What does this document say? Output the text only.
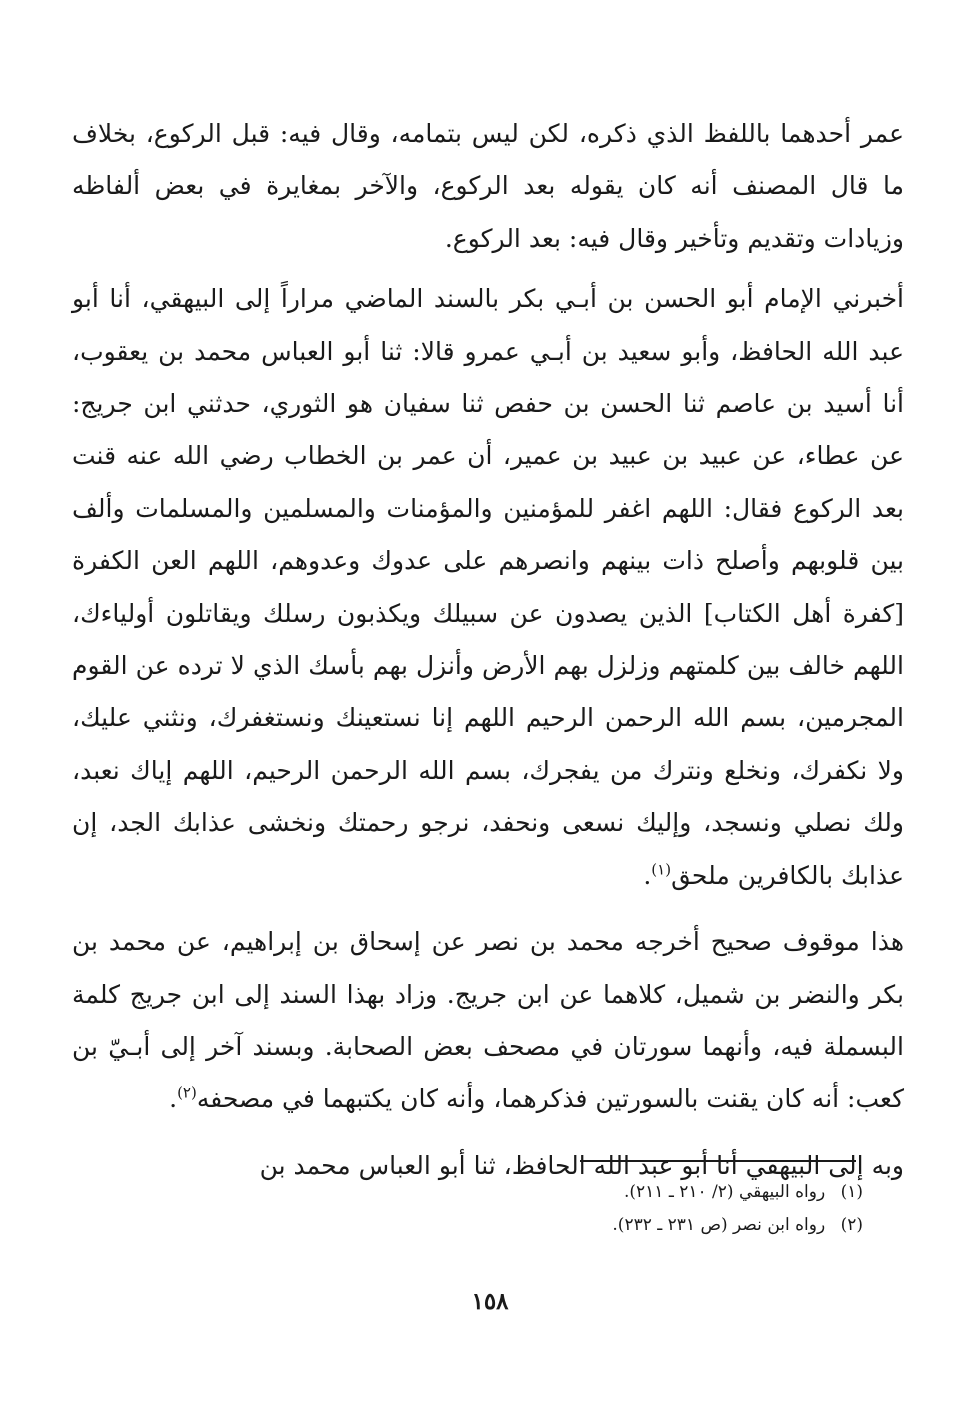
عمر أحدهما باللفظ الذي ذكره، لكن ليس بتمامه، وقال فيه: قبل الركوع، بخلاف ما قال المصنف أنه كان يقوله بعد الركوع، والآخر بمغايرة في بعض ألفاظه وزيادات وتقديم وتأخير وقال فيه: بعد الركوع.

أخبرني الإمام أبو الحسن بن أبـي بكر بالسند الماضي مراراً إلى البيهقي، أنا أبو عبد الله الحافظ، وأبو سعيد بن أبـي عمرو قالا: ثنا أبو العباس محمد بن يعقوب، أنا أسيد بن عاصم ثنا الحسن بن حفص ثنا سفيان هو الثوري، حدثني ابن جريج: عن عطاء، عن عبيد بن عبيد بن عمير، أن عمر بن الخطاب رضي الله عنه قنت بعد الركوع فقال: اللهم اغفر للمؤمنين والمؤمنات والمسلمين والمسلمات وألف بين قلوبهم وأصلح ذات بينهم وانصرهم على عدوك وعدوهم، اللهم العن الكفرة [كفرة أهل الكتاب] الذين يصدون عن سبيلك ويكذبون رسلك ويقاتلون أولياءك، اللهم خالف بين كلمتهم وزلزل بهم الأرض وأنزل بهم بأسك الذي لا ترده عن القوم المجرمين، بسم الله الرحمن الرحيم اللهم إنا نستعينك ونستغفرك، ونثني عليك، ولا نكفرك، ونخلع ونترك من يفجرك، بسم الله الرحمن الرحيم، اللهم إياك نعبد، ولك نصلي ونسجد، وإليك نسعى ونحفد، نرجو رحمتك ونخشى عذابك الجد، إن عذابك بالكافرين ملحق$^{(١)}$.

هذا موقوف صحيح أخرجه محمد بن نصر عن إسحاق بن إبراهيم، عن محمد بن بكر والنضر بن شميل، كلاهما عن ابن جريج. وزاد بهذا السند إلى ابن جريج كلمة البسملة فيه، وأنهما سورتان في مصحف بعض الصحابة. وبسند آخر إلى أبـيّ بن كعب: أنه كان يقنت بالسورتين فذكرهما، وأنه كان يكتبهما في مصحفه$^{(٢)}$.

وبه إلى البيهقي أنا أبو عبد الله الحافظ، ثنا أبو العباس محمد بن

(١) رواه البيهقي (٢/ ٢١٠ ـ ٢١١).
(٢) رواه ابن نصر (ص ٢٣١ ـ ٢٣٢).
١٥٨
